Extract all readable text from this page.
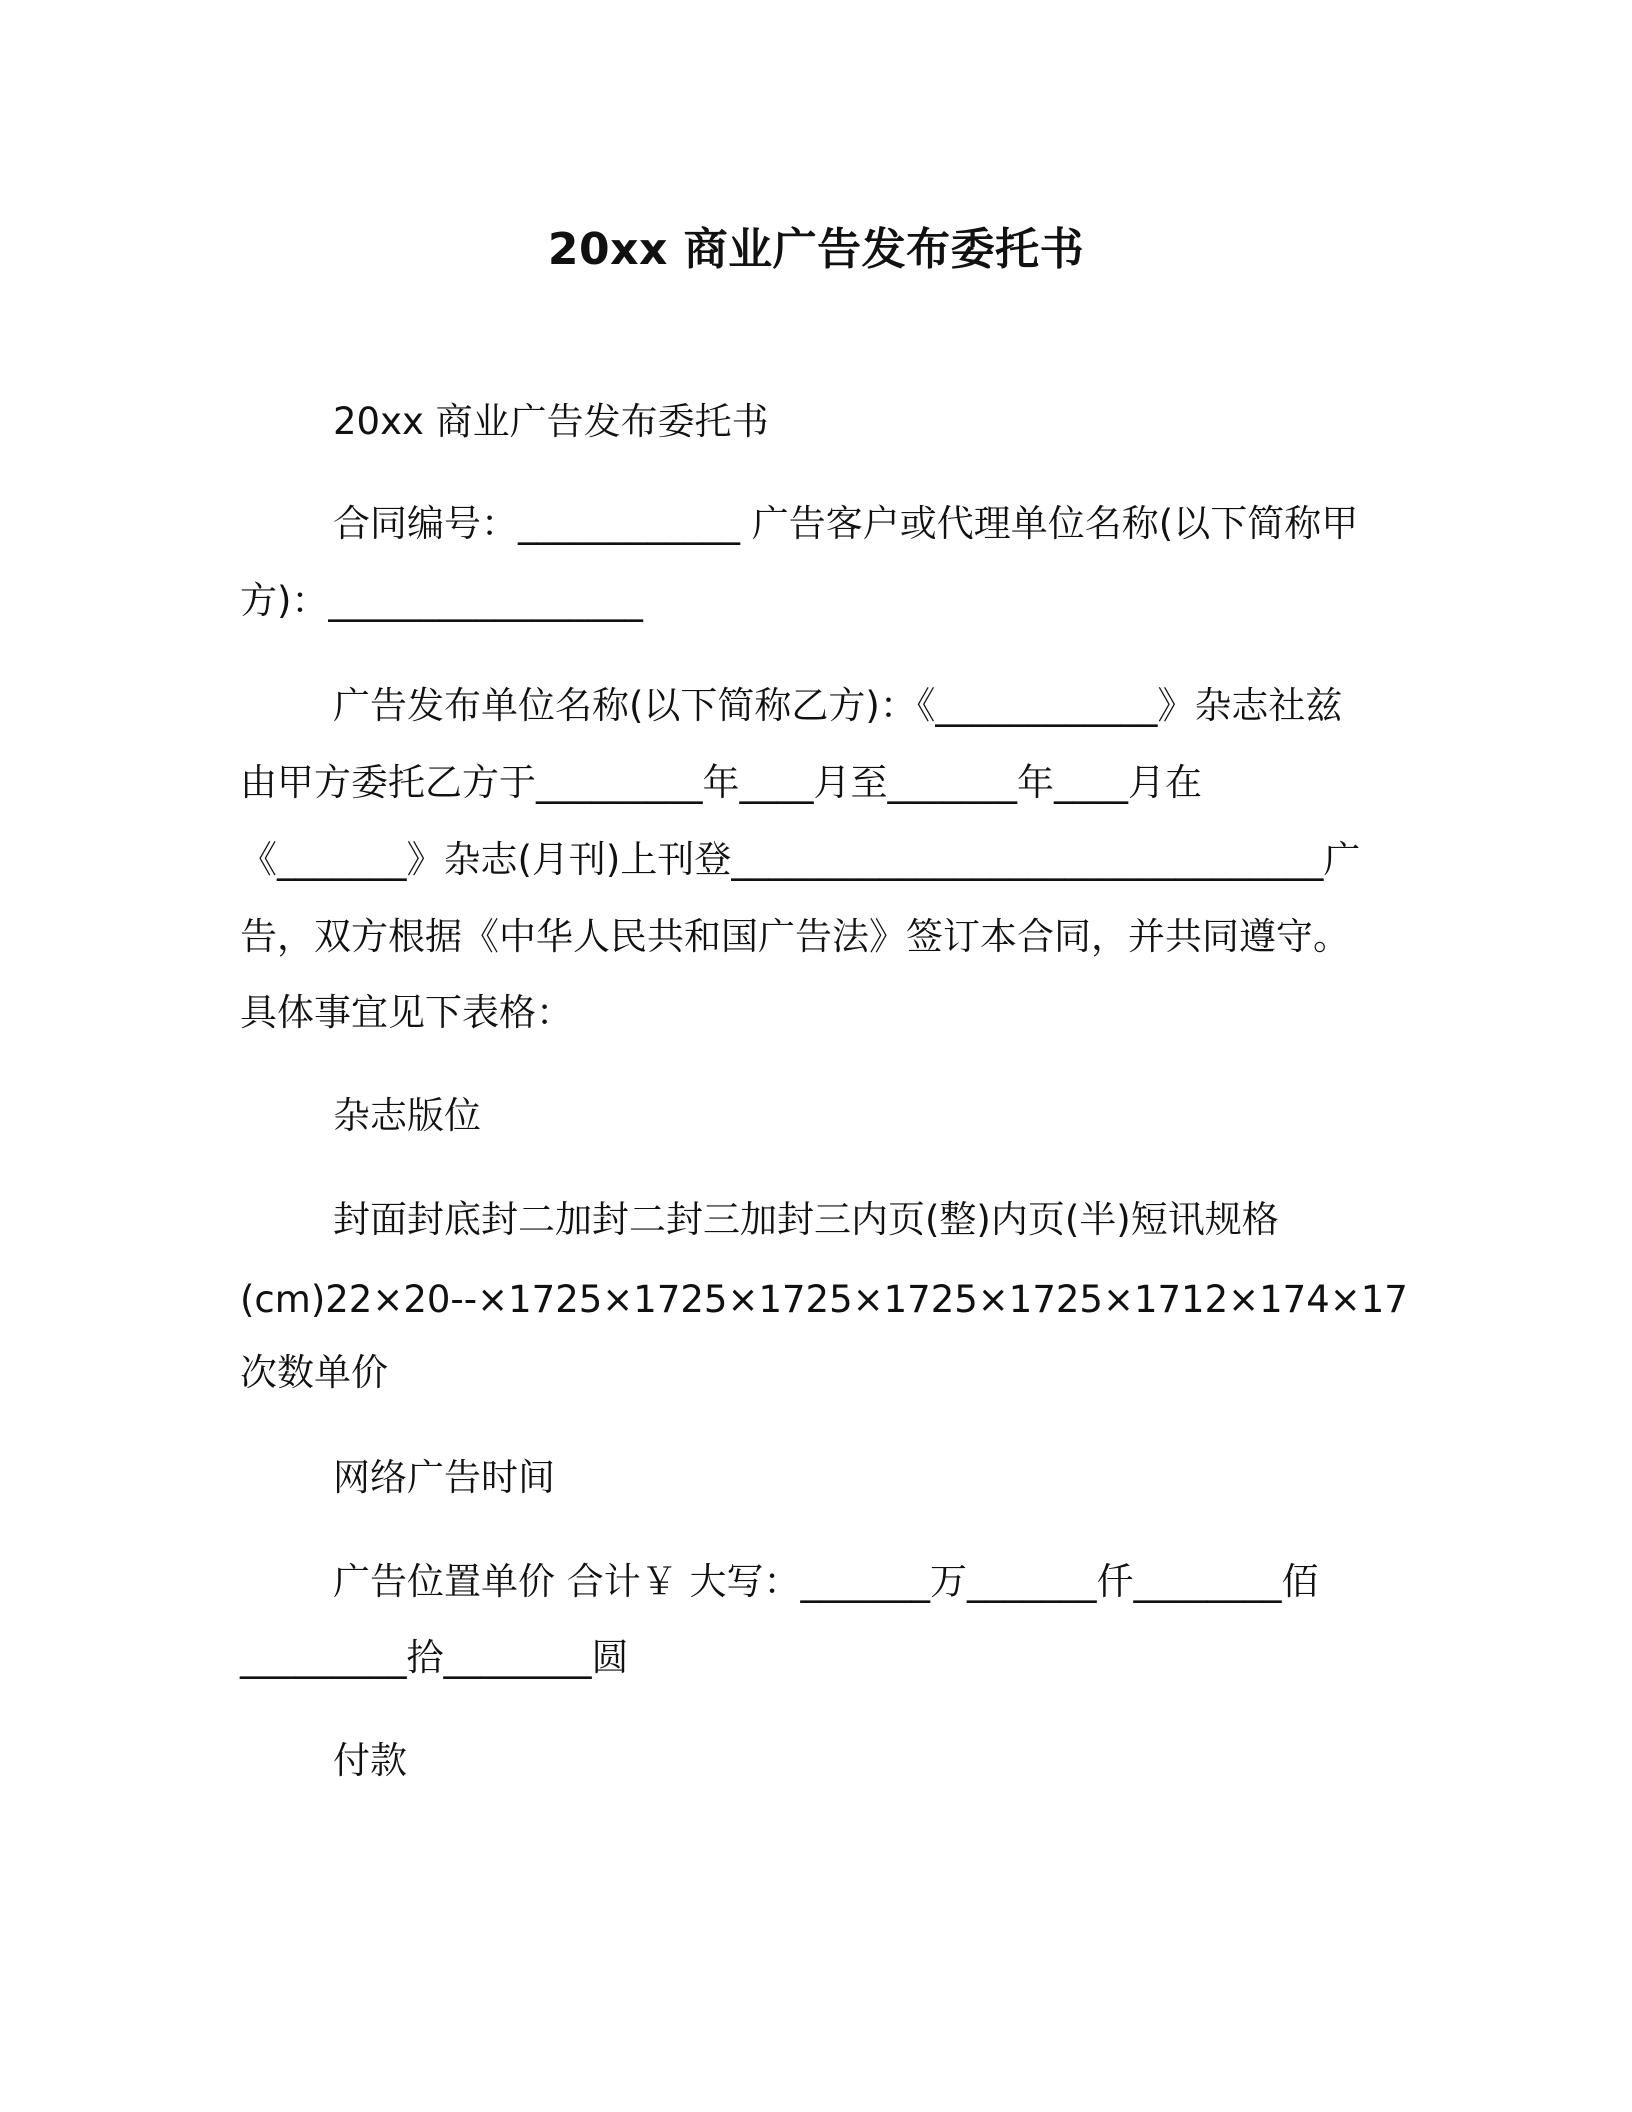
20xx 商业广告发布委托书
20xx 商业广告发布委托书
合同编号：____________ 广告客户或代理单位名称(以下简称甲
方)：_________________
广告发布单位名称(以下简称乙方)：《____________》杂志社兹
由甲方委托乙方于_________年____月至_______年____月在
《_______》杂志(月刊)上刊登________________________________广
告，双方根据《中华人民共和国广告法》签订本合同，并共同遵守。
具体事宜见下表格：
杂志版位
封面封底封二加封二封三加封三内页(整)内页(半)短讯规格
(cm)22×20--×1725×1725×1725×1725×1725×1712×174×17
次数单价
网络广告时间
广告位置单价 合计￥ 大写：_______万_______仟________佰
_________拾________圆
付款
